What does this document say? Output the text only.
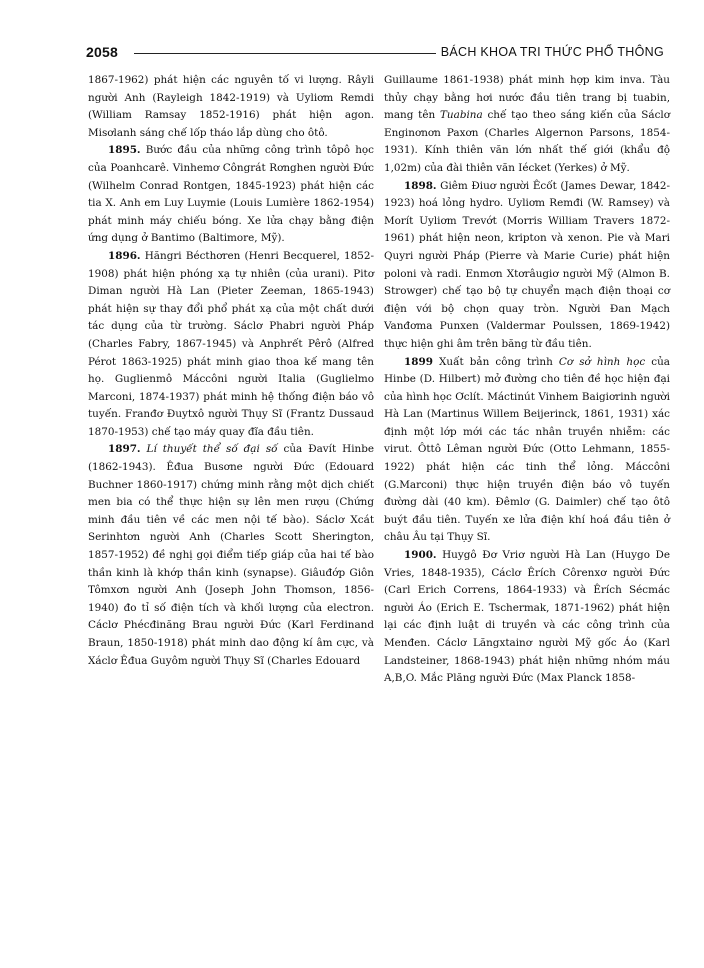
2058	BÁCH KHOA TRI THỨC PHỔ THÔNG

1867-1962) phát hiện các nguyên tố vi lượng. Râyli người Anh (Rayleigh 1842-1919) và Uyliơm Remdi (William Ramsay 1852-1916) phát hiện agon. Misơlanh sáng chế lốp tháo lắp dùng cho ôtô.

1895. Bước đầu của những công trình tôpô học của Poanhcarê. Vinhemơ Côngrát Rơnghen người Đức (Wilhelm Conrad Rontgen, 1845-1923) phát hiện các tia X. Anh em Luy Luymie (Louis Lumière 1862-1954) phát minh máy chiếu bóng. Xe lửa chạy bằng điện ứng dụng ở Bantimo (Baltimore, Mỹ).

1896. Hăngri Bécthơren (Henri Becquerel, 1852-1908) phát hiện phóng xạ tự nhiên (của urani). Pitơ Diman người Hà Lan (Pieter Zeeman, 1865-1943) phát hiện sự thay đổi phổ phát xạ của một chất dưới tác dụng của từ trường. Sáclơ Phabri người Pháp (Charles Fabry, 1867-1945) và Anphrết Pêrô (Alfred Pérot 1863-1925) phát minh giao thoa kế mang tên họ. Guglienmô Máccôni người Italia (Guglielmo Marconi, 1874-1937) phát minh hệ thống điện báo vô tuyến. Franđơ Đuytxô người Thụy Sĩ (Frantz Dussaud 1870-1953) chế tạo máy quay đĩa đầu tiên.

1897. Lí thuyết thể số đại số của Đavít Hinbe (1862-1943). Êđua Busơne người Đức (Edouard Buchner 1860-1917) chứng minh rằng một dịch chiết men bia có thể thực hiện sự lên men rượu (Chứng minh đầu tiên về các men nội tế bào). Sáclơ Xcát Serinhtơn người Anh (Charles Scott Sherington, 1857-1952) đề nghị gọi điểm tiếp giáp của hai tế bào thần kinh là khớp thần kinh (synapse). Giâuđớp Giôn Tômxơn người Anh (Joseph John Thomson, 1856-1940) đo tỉ số điện tích và khối lượng của electron. Cáclơ Phécđinăng Brau người Đức (Karl Ferdinand Braun, 1850-1918) phát minh dao động kí âm cực, và Xáclơ Êđua Guyôm người Thụy Sĩ (Charles Edouard

Guillaume 1861-1938) phát minh hợp kim inva. Tàu thủy chạy bằng hơi nước đầu tiên trang bị tuabin, mang tên Tuabina chế tạo theo sáng kiến của Sáclơ Enginơnơn Paxơn (Charles Algernon Parsons, 1854-1931). Kính thiên văn lớn nhất thế giới (khẩu độ 1,02m) của đài thiên văn Iécket (Yerkes) ở Mỹ.

1898. Giêm Điuơ người Êcốt (James Dewar, 1842-1923) hoá lỏng hydro. Uyliơm Remđi (W. Ramsey) và Morít Uyliơm Trevớt (Morris William Travers 1872-1961) phát hiện neon, kripton và xenon. Pie và Mari Quyri người Pháp (Pierre và Marie Curie) phát hiện poloni và radi. Enmơn Xtơrâugiơ người Mỹ (Almon B. Strowger) chế tạo bộ tự chuyển mạch điện thoại cơ điện với bộ chọn quay tròn. Người Đan Mạch Vanđơma Punxen (Valdermar Poulssen, 1869-1942) thực hiện ghi âm trên băng từ đầu tiên.

1899 Xuất bản công trình Cơ sở hình học của Hinbe (D. Hilbert) mở đường cho tiên đề học hiện đại của hình học Ơclít. Máctinút Vinhem Baigiơrinh người Hà Lan (Martinus Willem Beijerinck, 1861, 1931) xác định một lớp mới các tác nhân truyền nhiễm: các virut. Ôttô Lêman người Đức (Otto Lehmann, 1855-1922) phát hiện các tinh thể lỏng. Máccôni (G.Marconi) thực hiện truyền điện báo vô tuyến đường dài (40 km). Đêmlơ (G. Daimler) chế tạo ôtô buýt đầu tiên. Tuyến xe lửa điện khí hoá đầu tiên ở châu Âu tại Thụy Sĩ.

1900. Huygô Đơ Vriơ người Hà Lan (Huygo De Vries, 1848-1935), Cáclơ Êrích Côrenxơ người Đức (Carl Erich Correns, 1864-1933) và Êrích Sécmác người Áo (Erich E. Tschermak, 1871-1962) phát hiện lại các định luật di truyền và các công trình của Menđen. Cáclơ Lăngxtainơ người Mỹ gốc Áo (Karl Landsteiner, 1868-1943) phát hiện những nhóm máu A,B,O. Mắc Plăng người Đức (Max Planck 1858-
